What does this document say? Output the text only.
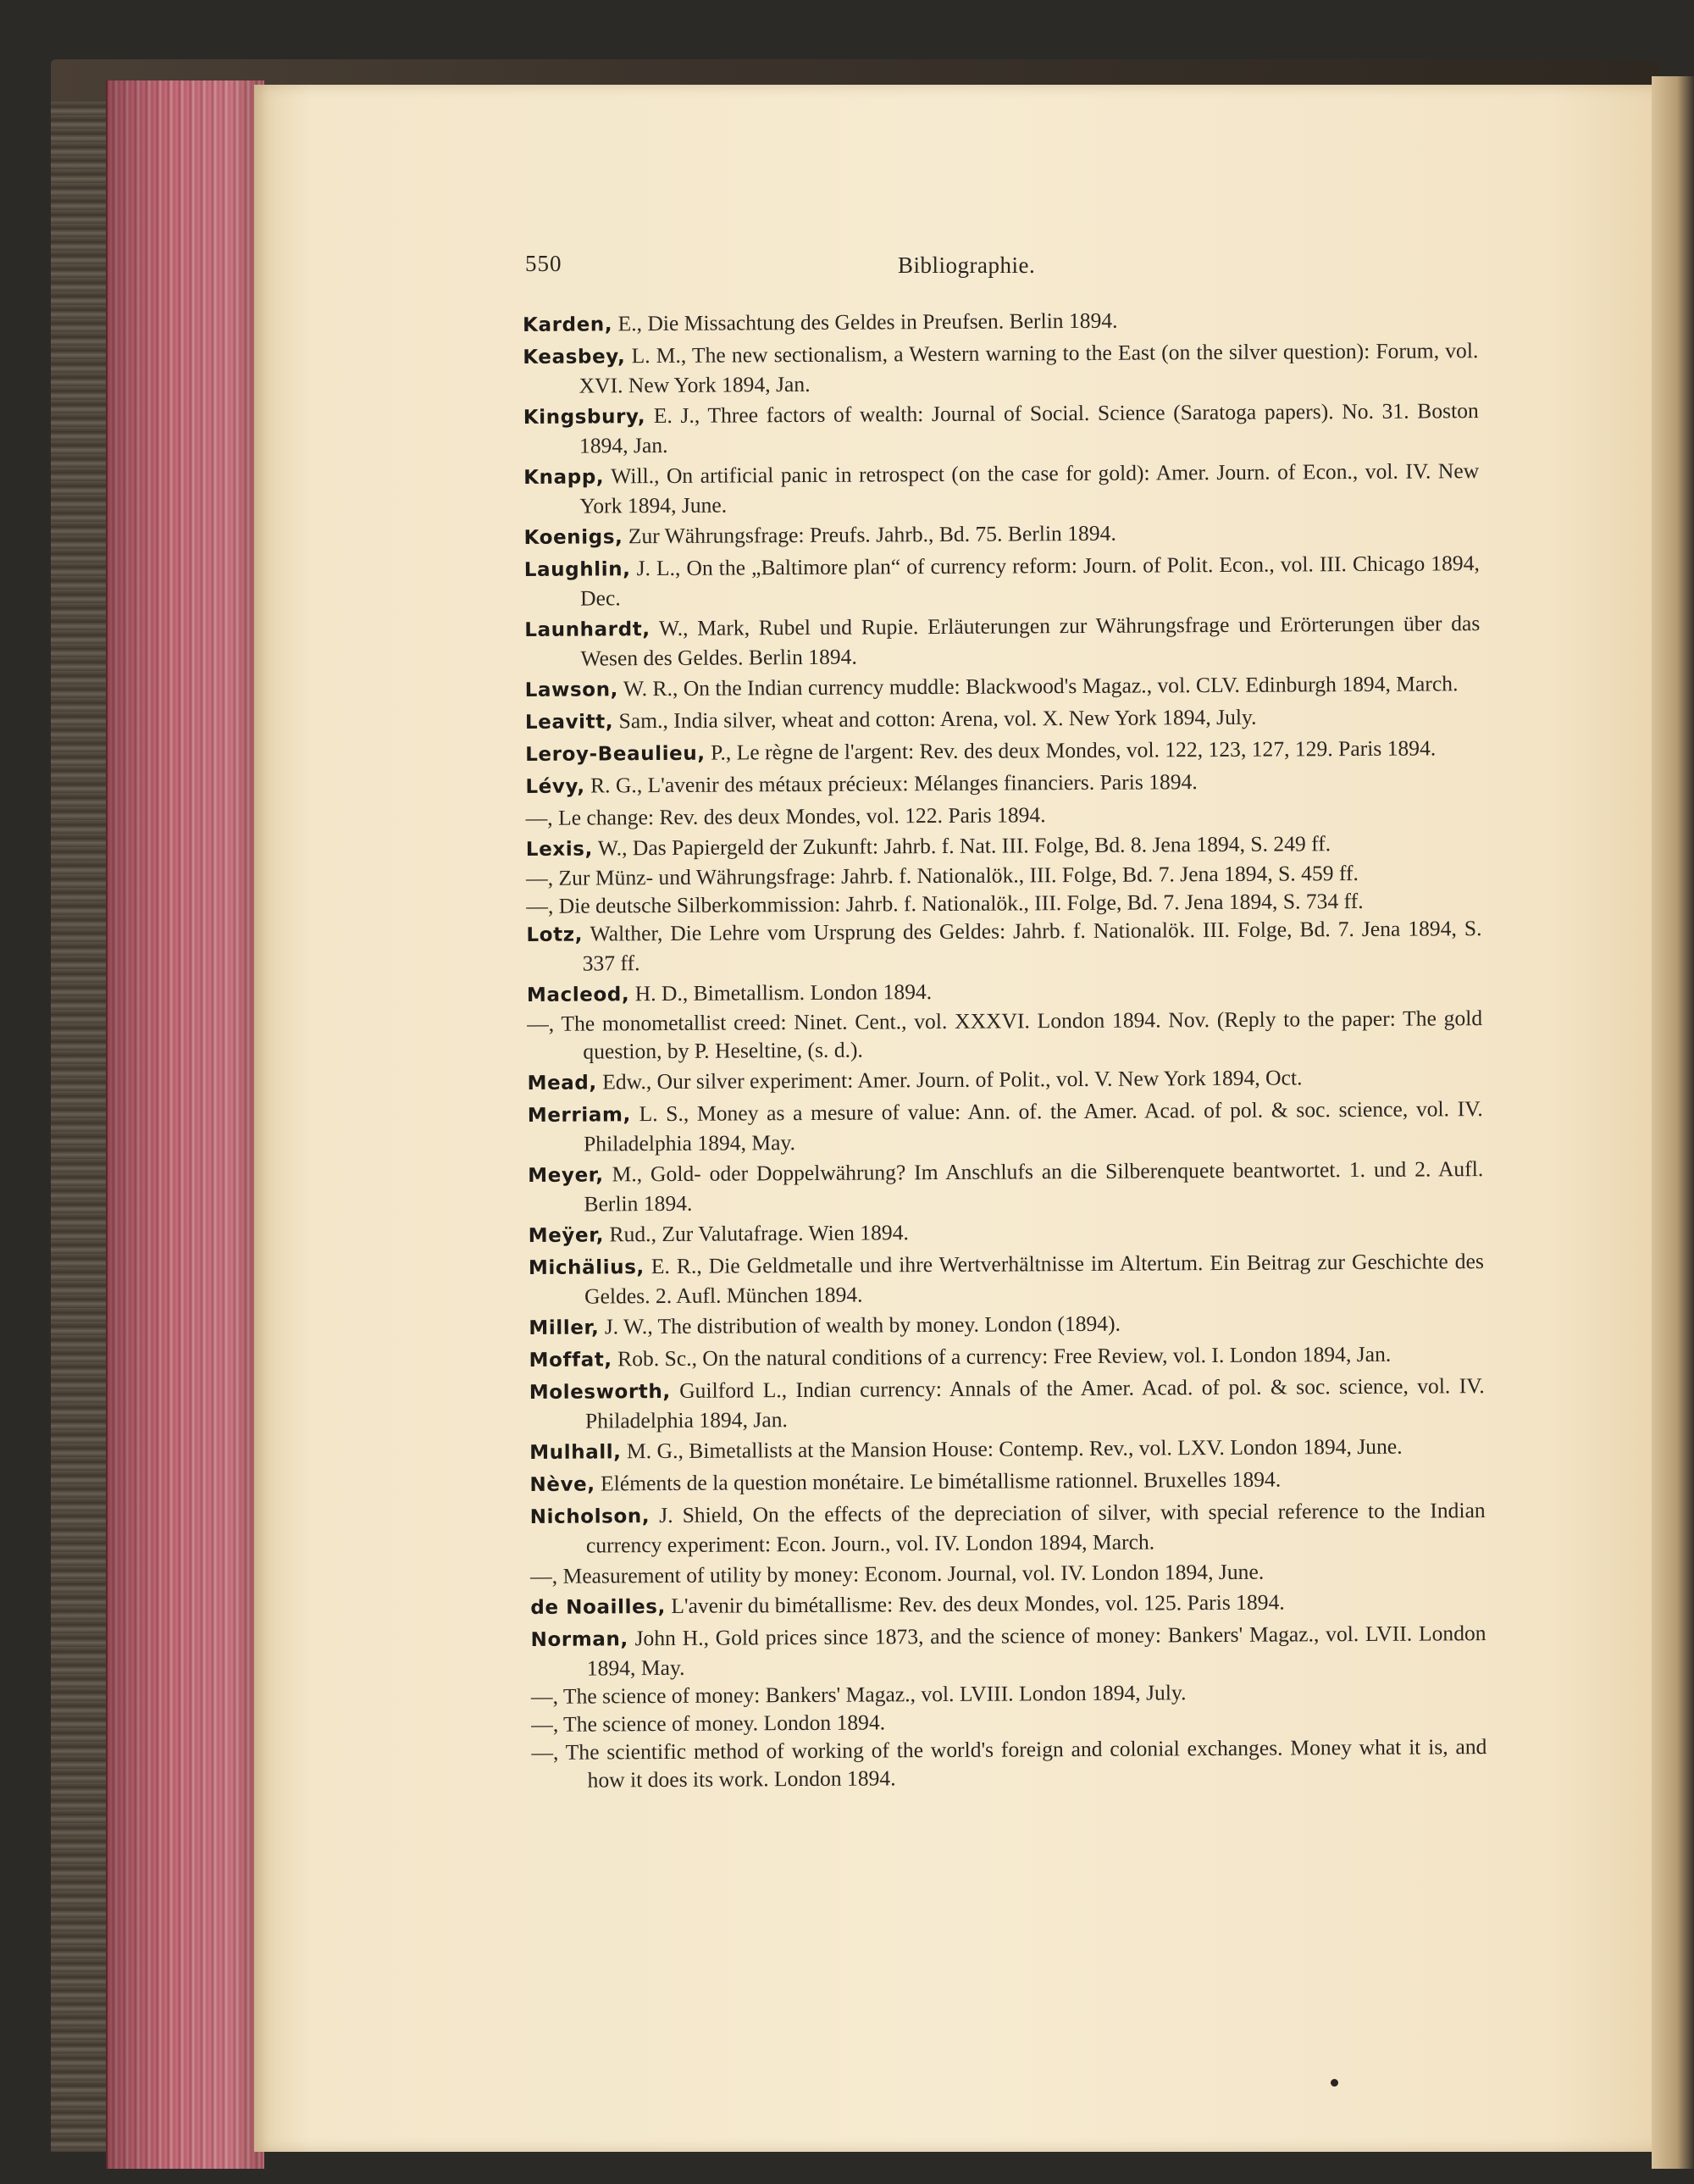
550	Bibliographie.
Karden, E., Die Missachtung des Geldes in Preufsen. Berlin 1894.
Keasbey, L. M., The new sectionalism, a Western warning to the East (on the silver question): Forum, vol. XVI. New York 1894, Jan.
Kingsbury, E. J., Three factors of wealth: Journal of Social. Science (Saratoga papers). No. 31. Boston 1894, Jan.
Knapp, Will., On artificial panic in retrospect (on the case for gold): Amer. Journ. of Econ., vol. IV. New York 1894, June.
Koenigs, Zur Währungsfrage: Preufs. Jahrb., Bd. 75. Berlin 1894.
Laughlin, J. L., On the „Baltimore plan“ of currency reform: Journ. of Polit. Econ., vol. III. Chicago 1894, Dec.
Launhardt, W., Mark, Rubel und Rupie. Erläuterungen zur Währungsfrage und Erörterungen über das Wesen des Geldes. Berlin 1894.
Lawson, W. R., On the Indian currency muddle: Blackwood's Magaz., vol. CLV. Edinburgh 1894, March.
Leavitt, Sam., India silver, wheat and cotton: Arena, vol. X. New York 1894, July.
Leroy-Beaulieu, P., Le règne de l'argent: Rev. des deux Mondes, vol. 122, 123, 127, 129. Paris 1894.
Lévy, R. G., L'avenir des métaux précieux: Mélanges financiers. Paris 1894.
—, Le change: Rev. des deux Mondes, vol. 122. Paris 1894.
Lexis, W., Das Papiergeld der Zukunft: Jahrb. f. Nat. III. Folge, Bd. 8. Jena 1894, S. 249 ff.
—, Zur Münz- und Währungsfrage: Jahrb. f. Nationalök., III. Folge, Bd. 7. Jena 1894, S. 459 ff.
—, Die deutsche Silberkommission: Jahrb. f. Nationalök., III. Folge, Bd. 7. Jena 1894, S. 734 ff.
Lotz, Walther, Die Lehre vom Ursprung des Geldes: Jahrb. f. Nationalök. III. Folge, Bd. 7. Jena 1894, S. 337 ff.
Macleod, H. D., Bimetallism. London 1894.
—, The monometallist creed: Ninet. Cent., vol. XXXVI. London 1894. Nov. (Reply to the paper: The gold question, by P. Heseltine, (s. d.).
Mead, Edw., Our silver experiment: Amer. Journ. of Polit., vol. V. New York 1894, Oct.
Merriam, L. S., Money as a mesure of value: Ann. of. the Amer. Acad. of pol. & soc. science, vol. IV. Philadelphia 1894, May.
Meyer, M., Gold- oder Doppelwährung? Im Anschlufs an die Silberenquete beantwortet. 1. und 2. Aufl. Berlin 1894.
Meÿer, Rud., Zur Valutafrage. Wien 1894.
Michälius, E. R., Die Geldmetalle und ihre Wertverhältnisse im Altertum. Ein Beitrag zur Geschichte des Geldes. 2. Aufl. München 1894.
Miller, J. W., The distribution of wealth by money. London (1894).
Moffat, Rob. Sc., On the natural conditions of a currency: Free Review, vol. I. London 1894, Jan.
Molesworth, Guilford L., Indian currency: Annals of the Amer. Acad. of pol. & soc. science, vol. IV. Philadelphia 1894, Jan.
Mulhall, M. G., Bimetallists at the Mansion House: Contemp. Rev., vol. LXV. London 1894, June.
Nève, Eléments de la question monétaire. Le bimétallisme rationnel. Bruxelles 1894.
Nicholson, J. Shield, On the effects of the depreciation of silver, with special reference to the Indian currency experiment: Econ. Journ., vol. IV. London 1894, March.
—, Measurement of utility by money: Econom. Journal, vol. IV. London 1894, June.
de Noailles, L'avenir du bimétallisme: Rev. des deux Mondes, vol. 125. Paris 1894.
Norman, John H., Gold prices since 1873, and the science of money: Bankers' Magaz., vol. LVII. London 1894, May.
—, The science of money: Bankers' Magaz., vol. LVIII. London 1894, July.
—, The science of money. London 1894.
—, The scientific method of working of the world's foreign and colonial exchanges. Money what it is, and how it does its work. London 1894.
